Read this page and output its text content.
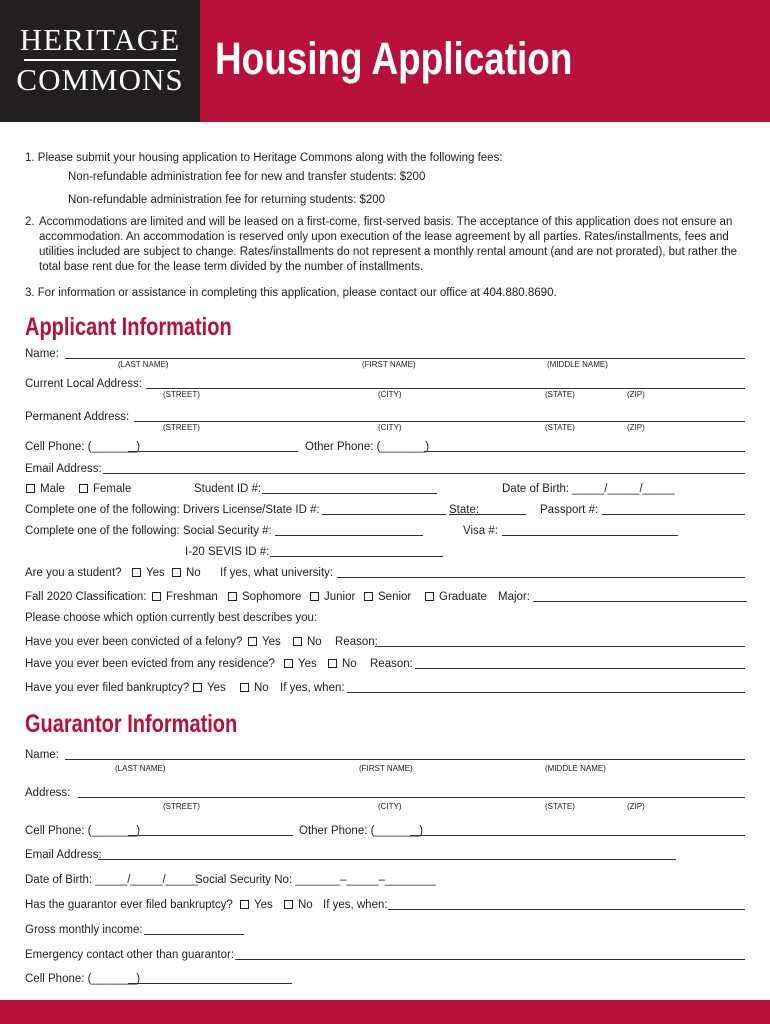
HERITAGE
COMMONS Housing Application
1. Please submit your housing application to Heritage Commons along with the following fees:
Non-refundable administration fee for new and transfer students: $200
Non-refundable administration fee for returning students: $200
2. Accommodations are limited and will be leased on a first-come, first-served basis. The acceptance of this application does not ensure an accommodation. An accommodation is reserved only upon execution of the lease agreement by all parties. Rates/installments, fees and utilities included are subject to change. Rates/installments do not represent a monthly rental amount (and are not prorated), but rather the total base rent due for the lease term divided by the number of installments.
3. For information or assistance in completing this application, please contact our office at 404.880.8690.
Applicant Information
Name:
(LAST NAME)	(FIRST NAME)	(MIDDLE NAME)
Current Local Address:
(STREET)	(CITY)	(STATE)	(ZIP)
Permanent Address:
(STREET)	(CITY)	(STATE)	(ZIP)
Cell Phone: (_______)	Other Phone: (_______)
Email Address:
Male Female	Student ID #:	Date of Birth: _____/_____/_____
Complete one of the following: Drivers License/State ID #:	State:	Passport #:
Complete one of the following: Social Security #:	Visa #:
I-20 SEVIS ID #:
Are you a student? Yes No If yes, what university:
Fall 2020 Classification: Freshman Sophomore Junior Senior Graduate Major:
Please choose which option currently best describes you:
Have you ever been convicted of a felony? Yes No Reason:
Have you ever been evicted from any residence? Yes No Reason:
Have you ever filed bankruptcy? Yes No If yes, when:
Guarantor Information
Name:
(LAST NAME)	(FIRST NAME)	(MIDDLE NAME)
Address:
(STREET)	(CITY)	(STATE)	(ZIP)
Cell Phone: (_______)	Other Phone: (_______)
Email Address:
Date of Birth: _____/_____/_____
Social Security No: _______–_____–________
Has the guarantor ever filed bankruptcy? Yes No If yes, when:
Gross monthly income:
Emergency contact other than guarantor:
Cell Phone: (_______)
